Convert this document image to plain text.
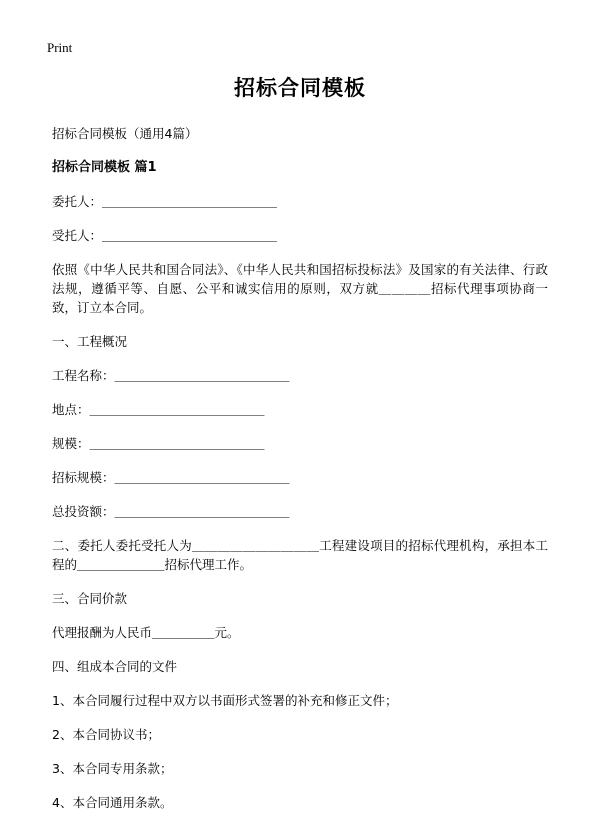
Print
招标合同模板

招标合同模板（通用4篇）

招标合同模板 篇1

委托人：＿＿＿＿＿＿＿＿＿＿＿＿＿＿

受托人：＿＿＿＿＿＿＿＿＿＿＿＿＿＿

依照《中华人民共和国合同法》、《中华人民共和国招标投标法》及国家的有关法律、行政法规，遵循平等、自愿、公平和诚实信用的原则，双方就＿＿＿＿招标代理事项协商一致，订立本合同。

一、工程概况

工程名称：＿＿＿＿＿＿＿＿＿＿＿＿＿＿

地点：＿＿＿＿＿＿＿＿＿＿＿＿＿＿

规模：＿＿＿＿＿＿＿＿＿＿＿＿＿＿

招标规模：＿＿＿＿＿＿＿＿＿＿＿＿＿＿

总投资额：＿＿＿＿＿＿＿＿＿＿＿＿＿＿

二、委托人委托受托人为＿＿＿＿＿＿＿＿＿＿工程建设项目的招标代理机构，承担本工程的＿＿＿＿＿＿＿招标代理工作。

三、合同价款

代理报酬为人民币＿＿＿＿＿元。

四、组成本合同的文件

1、本合同履行过程中双方以书面形式签署的补充和修正文件；

2、本合同协议书；

3、本合同专用条款；

4、本合同通用条款。
